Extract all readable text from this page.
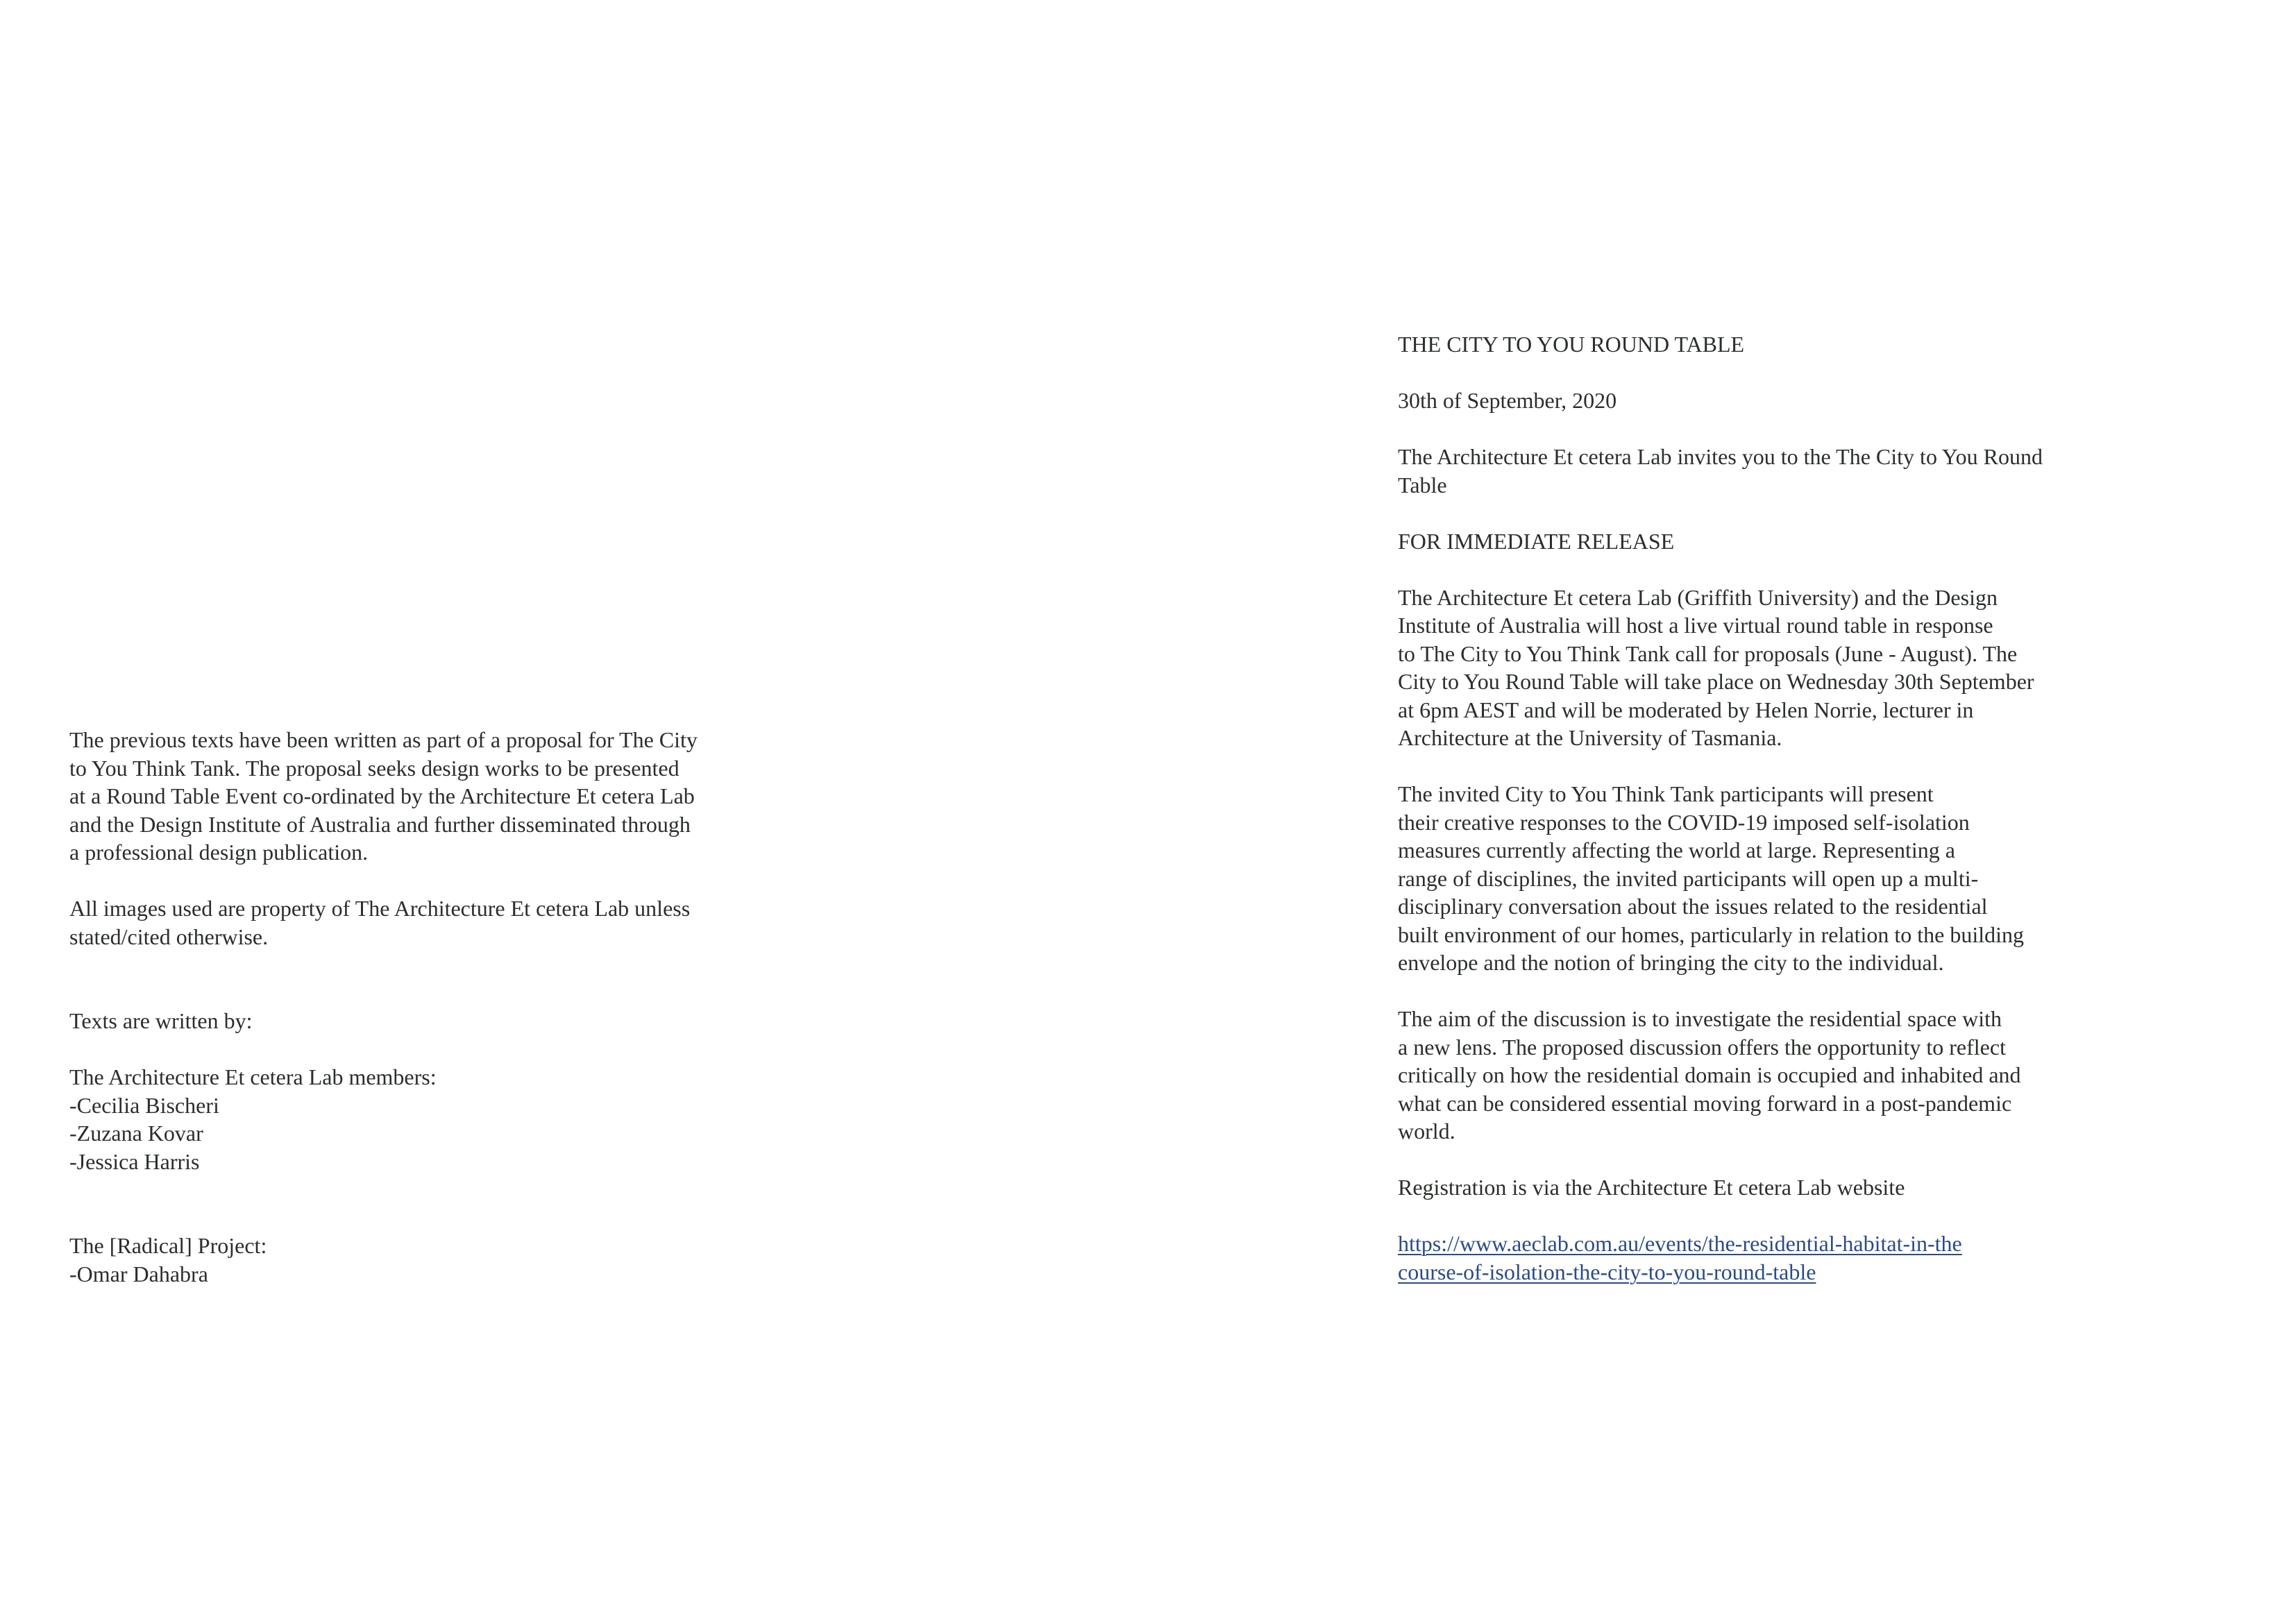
The previous texts have been written as part of a proposal for The City
to You Think Tank. The proposal seeks design works to be presented
at a Round Table Event co-ordinated by the Architecture Et cetera Lab
and the Design Institute of Australia and further disseminated through
a professional design publication.

All images used are property of The Architecture Et cetera Lab unless
stated/cited otherwise.

Texts are written by:

The Architecture Et cetera Lab members:

-Cecilia Bischeri

-Zuzana Kovar

-Jessica Harris

The [Radical] Project:

-Omar Dahabra

THE CITY TO YOU ROUND TABLE

30th of September, 2020

The Architecture Et cetera Lab invites you to the The City to You Round
Table

FOR IMMEDIATE RELEASE

The Architecture Et cetera Lab (Griffith University) and the Design
Institute of Australia will host a live virtual round table in response
to The City to You Think Tank call for proposals (June - August). The
City to You Round Table will take place on Wednesday 30th September
at 6pm AEST and will be moderated by Helen Norrie, lecturer in
Architecture at the University of Tasmania.

The invited City to You Think Tank participants will present
their creative responses to the COVID-19 imposed self-isolation
measures currently affecting the world at large. Representing a
range of disciplines, the invited participants will open up a multi-
disciplinary conversation about the issues related to the residential
built environment of our homes, particularly in relation to the building
envelope and the notion of bringing the city to the individual.

The aim of the discussion is to investigate the residential space with
a new lens. The proposed discussion offers the opportunity to reflect
critically on how the residential domain is occupied and inhabited and
what can be considered essential moving forward in a post-pandemic
world.

Registration is via the Architecture Et cetera Lab website

https://www.aeclab.com.au/events/the-residential-habitat-in-the
course-of-isolation-the-city-to-you-round-table
